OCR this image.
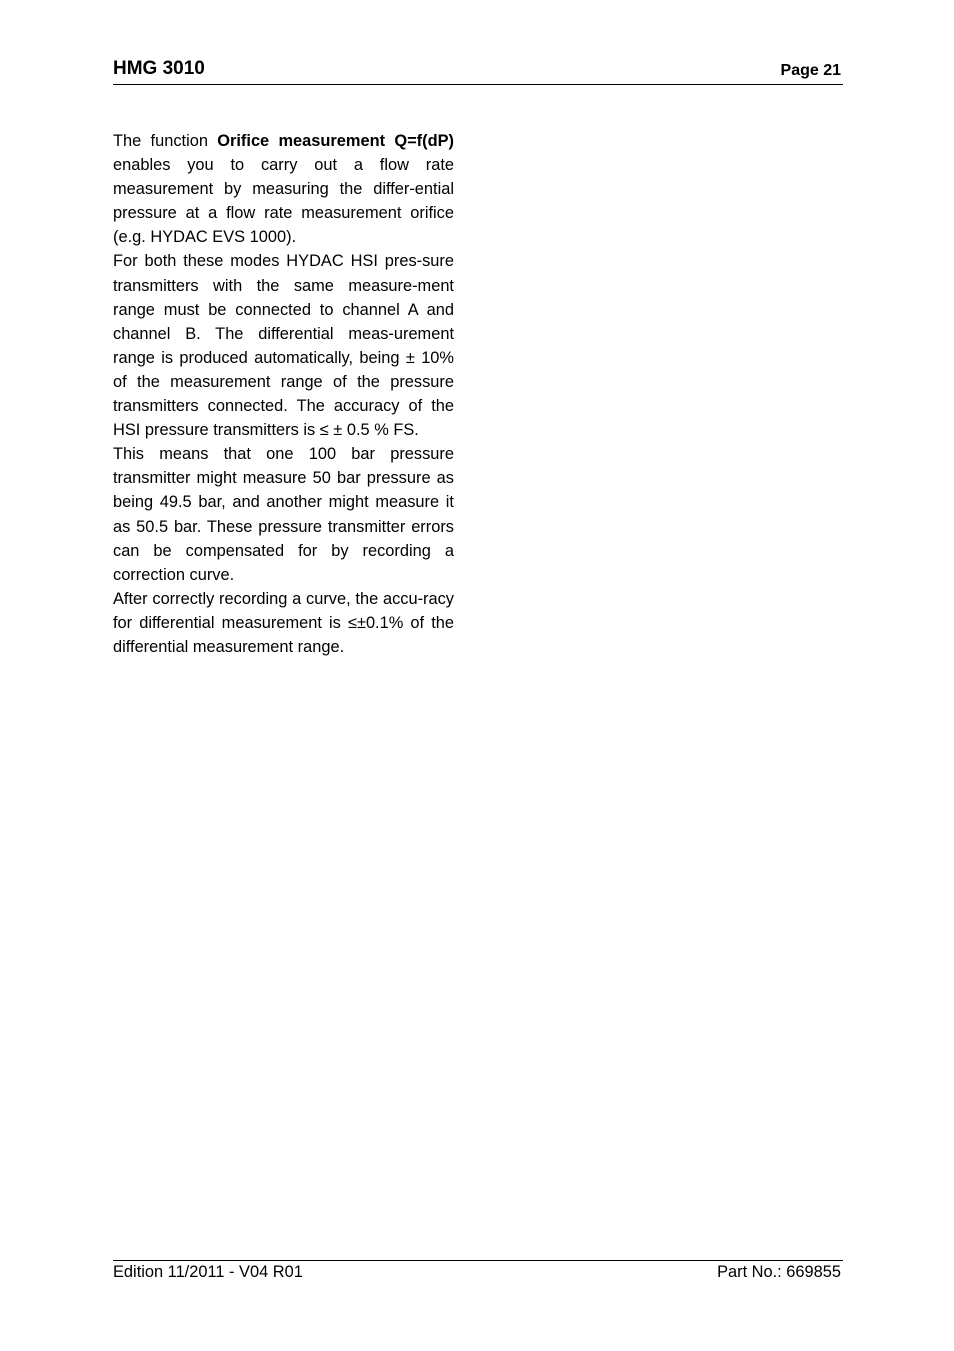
HMG 3010	Page 21

The function Orifice measurement Q=f(dP) enables you to carry out a flow rate measurement by measuring the differ-ential pressure at a flow rate measurement orifice (e.g. HYDAC EVS 1000).

For both these modes HYDAC HSI pres-sure transmitters with the same measure-ment range must be connected to channel A and channel B. The differential meas-urement range is produced automatically, being ± 10% of the measurement range of the pressure transmitters connected. The accuracy of the HSI pressure transmitters is ≤ ± 0.5 % FS.

This means that one 100 bar pressure transmitter might measure 50 bar pressure as being 49.5 bar, and another might measure it as 50.5 bar. These pressure transmitter errors can be compensated for by recording a correction curve.

After correctly recording a curve, the accu-racy for differential measurement is ≤±0.1% of the differential measurement range.

Edition 11/2011 - V04 R01	Part No.: 669855
